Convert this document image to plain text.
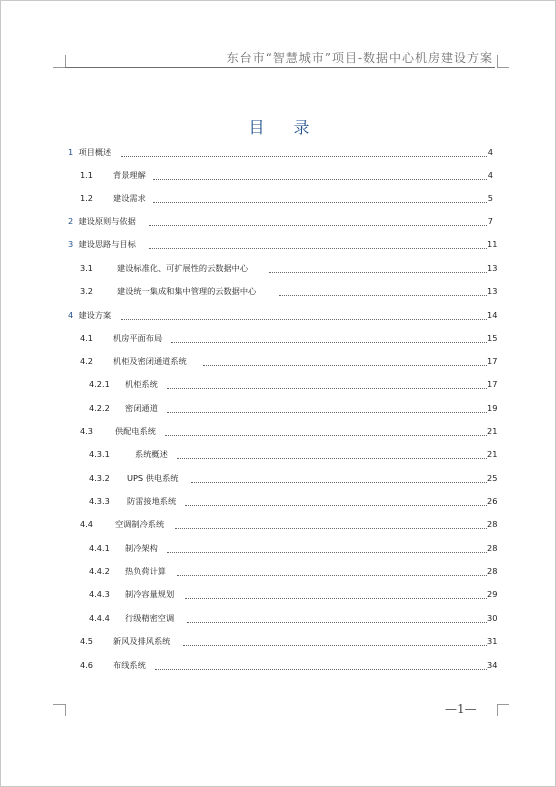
东台市“智慧城市”项目-数据中心机房建设方案
目 录
1 项目概述	4
1.1 背景理解	4
1.2 建设需求	5
2 建设原则与依据	7
3 建设思路与目标	11
3.1	建设标准化、可扩展性的云数据中心	13
3.2	建设统一集成和集中管理的云数据中心	13
4 建设方案	14
4.1 机房平面布局	15
4.2 机柜及密闭通道系统	17
4.2.1 机柜系统	17
4.2.2 密闭通道	19
4.3	供配电系统	21
4.3.1	系统概述	21
4.3.2 UPS 供电系统	25
4.3.3 防雷接地系统	26
4.4	空调制冷系统	28
4.4.1 制冷架构	28
4.4.2 热负荷计算	28
4.4.3 制冷容量规划	29
4.4.4 行级精密空调	30
4.5 新风及排风系统	31
4.6 布线系统	34
—1—
